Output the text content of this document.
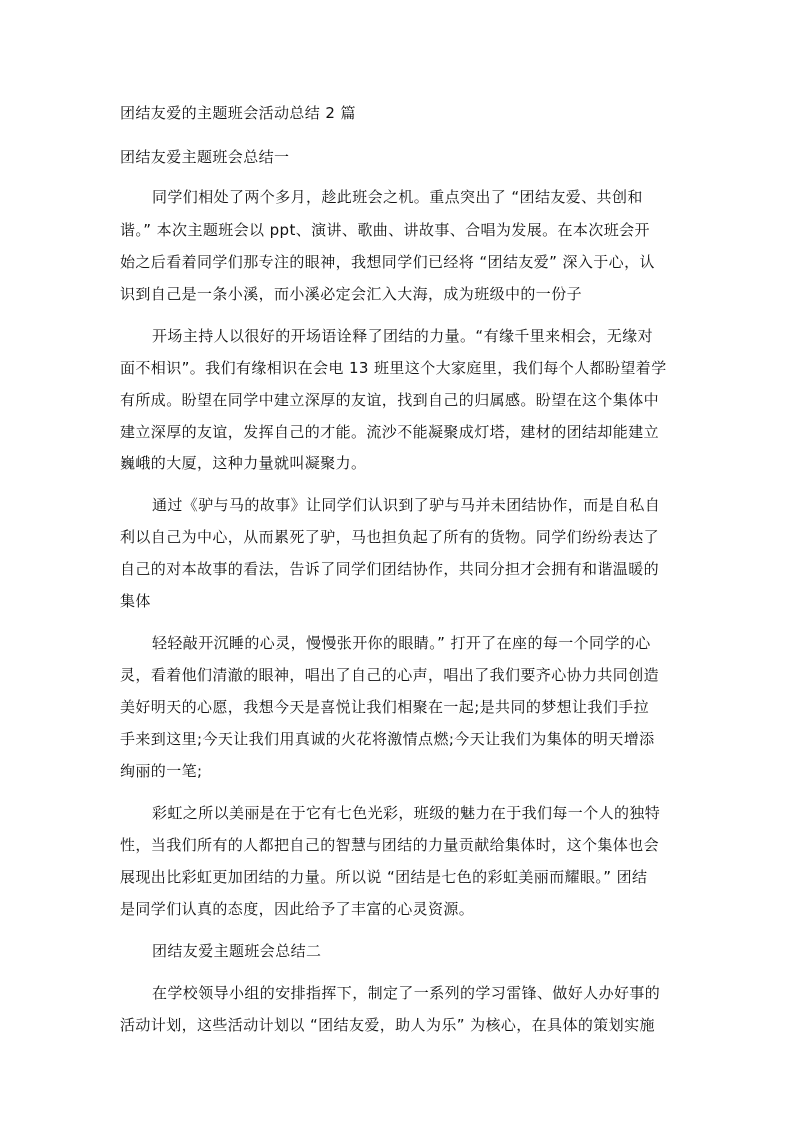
团结友爱的主题班会活动总结 2 篇
团结友爱主题班会总结一
同学们相处了两个多月，趁此班会之机。重点突出了 “团结友爱、共创和
谐。” 本次主题班会以 ppt、演讲、歌曲、讲故事、合唱为发展。在本次班会开
始之后看着同学们那专注的眼神，我想同学们已经将 “团结友爱” 深入于心，认
识到自己是一条小溪，而小溪必定会汇入大海，成为班级中的一份子
开场主持人以很好的开场语诠释了团结的力量。“有缘千里来相会，无缘对
面不相识”。我们有缘相识在会电 13 班里这个大家庭里，我们每个人都盼望着学
有所成。盼望在同学中建立深厚的友谊，找到自己的归属感。盼望在这个集体中
建立深厚的友谊，发挥自己的才能。流沙不能凝聚成灯塔，建材的团结却能建立
巍峨的大厦，这种力量就叫凝聚力。
通过《驴与马的故事》让同学们认识到了驴与马并未团结协作，而是自私自
利以自己为中心，从而累死了驴，马也担负起了所有的货物。同学们纷纷表达了
自己的对本故事的看法，告诉了同学们团结协作，共同分担才会拥有和谐温暖的
集体
轻轻敲开沉睡的心灵，慢慢张开你的眼睛。” 打开了在座的每一个同学的心
灵，看着他们清澈的眼神，唱出了自己的心声，唱出了我们要齐心协力共同创造
美好明天的心愿，我想今天是喜悦让我们相聚在一起;是共同的梦想让我们手拉
手来到这里;今天让我们用真诚的火花将激情点燃;今天让我们为集体的明天增添
绚丽的一笔;
彩虹之所以美丽是在于它有七色光彩，班级的魅力在于我们每一个人的独特
性，当我们所有的人都把自己的智慧与团结的力量贡献给集体时，这个集体也会
展现出比彩虹更加团结的力量。所以说 “团结是七色的彩虹美丽而耀眼。” 团结
是同学们认真的态度，因此给予了丰富的心灵资源。
团结友爱主题班会总结二
在学校领导小组的安排指挥下，制定了一系列的学习雷锋、做好人办好事的
活动计划，这些活动计划以 “团结友爱，助人为乐” 为核心，在具体的策划实施
